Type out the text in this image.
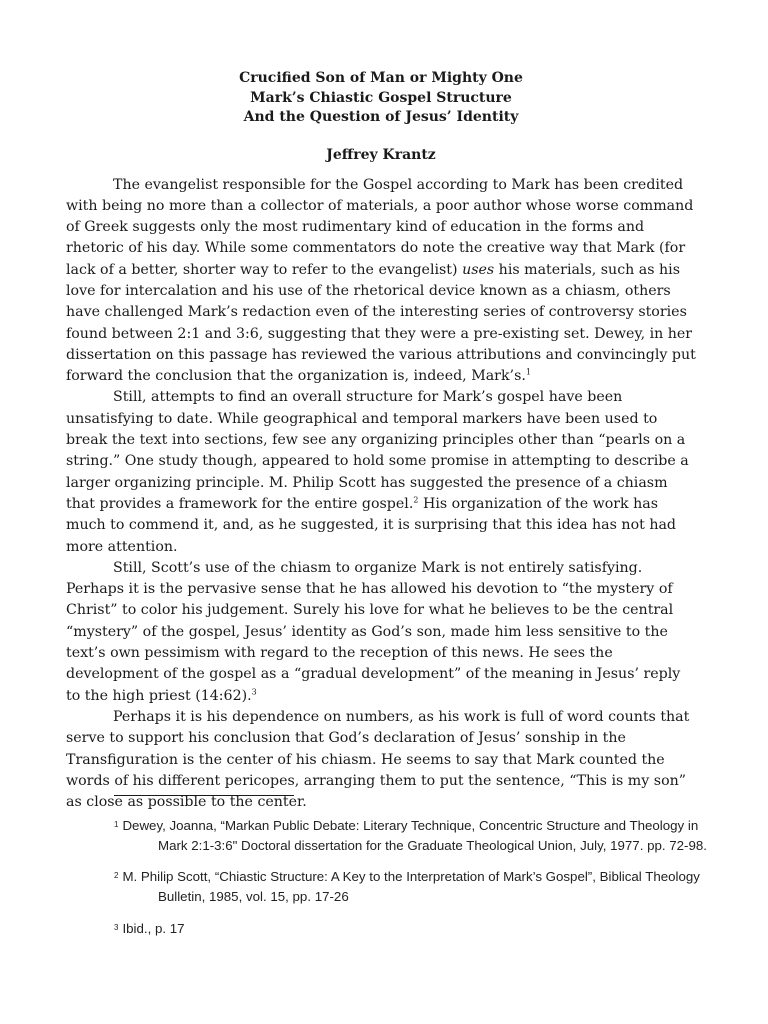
Crucified Son of Man or Mighty One
Mark’s Chiastic Gospel Structure
And the Question of Jesus’ Identity
Jeffrey Krantz

The evangelist responsible for the Gospel according to Mark has been credited with being no more than a collector of materials, a poor author whose worse command of Greek suggests only the most rudimentary kind of education in the forms and rhetoric of his day. While some commentators do note the creative way that Mark (for lack of a better, shorter way to refer to the evangelist) uses his materials, such as his love for intercalation and his use of the rhetorical device known as a chiasm, others have challenged Mark’s redaction even of the interesting series of controversy stories found between 2:1 and 3:6, suggesting that they were a pre-existing set. Dewey, in her dissertation on this passage has reviewed the various attributions and convincingly put forward the conclusion that the organization is, indeed, Mark’s.$^1$

Still, attempts to find an overall structure for Mark’s gospel have been unsatisfying to date. While geographical and temporal markers have been used to break the text into sections, few see any organizing principles other than “pearls on a string.” One study though, appeared to hold some promise in attempting to describe a larger organizing principle. M. Philip Scott has suggested the presence of a chiasm that provides a framework for the entire gospel.$^2$ His organization of the work has much to commend it, and, as he suggested, it is surprising that this idea has not had more attention.

Still, Scott’s use of the chiasm to organize Mark is not entirely satisfying. Perhaps it is the pervasive sense that he has allowed his devotion to “the mystery of Christ” to color his judgement. Surely his love for what he believes to be the central “mystery” of the gospel, Jesus’ identity as God’s son, made him less sensitive to the text’s own pessimism with regard to the reception of this news. He sees the development of the gospel as a “gradual development” of the meaning in Jesus’ reply to the high priest (14:62).$^3$

Perhaps it is his dependence on numbers, as his work is full of word counts that serve to support his conclusion that God’s declaration of Jesus’ sonship in the Transfiguration is the center of his chiasm. He seems to say that Mark counted the words of his different pericopes, arranging them to put the sentence, “This is my son” as close as possible to the center.

$^1$ Dewey, Joanna, “Markan Public Debate: Literary Technique, Concentric Structure and Theology in Mark 2:1-3:6" Doctoral dissertation for the Graduate Theological Union, July, 1977. pp. 72-98.

$^2$ M. Philip Scott, “Chiastic Structure: A Key to the Interpretation of Mark’s Gospel”, Biblical Theology Bulletin, 1985, vol. 15, pp. 17-26

$^3$ Ibid., p. 17
